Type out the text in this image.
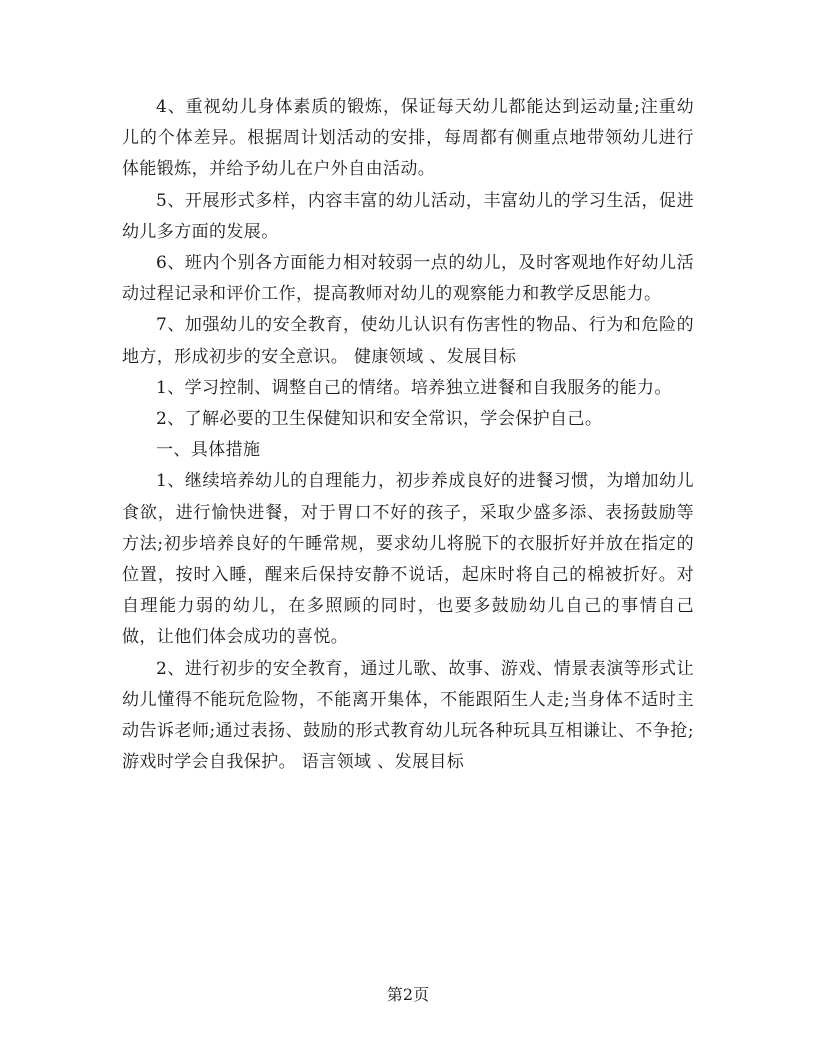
4、重视幼儿身体素质的锻炼，保证每天幼儿都能达到运动量;注重幼儿的个体差异。根据周计划活动的安排，每周都有侧重点地带领幼儿进行体能锻炼，并给予幼儿在户外自由活动。

5、开展形式多样，内容丰富的幼儿活动，丰富幼儿的学习生活，促进幼儿多方面的发展。

6、班内个别各方面能力相对较弱一点的幼儿，及时客观地作好幼儿活动过程记录和评价工作，提高教师对幼儿的观察能力和教学反思能力。

7、加强幼儿的安全教育，使幼儿认识有伤害性的物品、行为和危险的地方，形成初步的安全意识。 健康领域 、发展目标

1、学习控制、调整自己的情绪。培养独立进餐和自我服务的能力。

2、了解必要的卫生保健知识和安全常识，学会保护自己。

一、具体措施

1、继续培养幼儿的自理能力，初步养成良好的进餐习惯，为增加幼儿食欲，进行愉快进餐，对于胃口不好的孩子，采取少盛多添、表扬鼓励等方法;初步培养良好的午睡常规，要求幼儿将脱下的衣服折好并放在指定的位置，按时入睡，醒来后保持安静不说话，起床时将自己的棉被折好。对自理能力弱的幼儿，在多照顾的同时，也要多鼓励幼儿自己的事情自己做，让他们体会成功的喜悦。

2、进行初步的安全教育，通过儿歌、故事、游戏、情景表演等形式让幼儿懂得不能玩危险物，不能离开集体，不能跟陌生人走;当身体不适时主动告诉老师;通过表扬、鼓励的形式教育幼儿玩各种玩具互相谦让、不争抢;游戏时学会自我保护。 语言领域 、发展目标

第2页
